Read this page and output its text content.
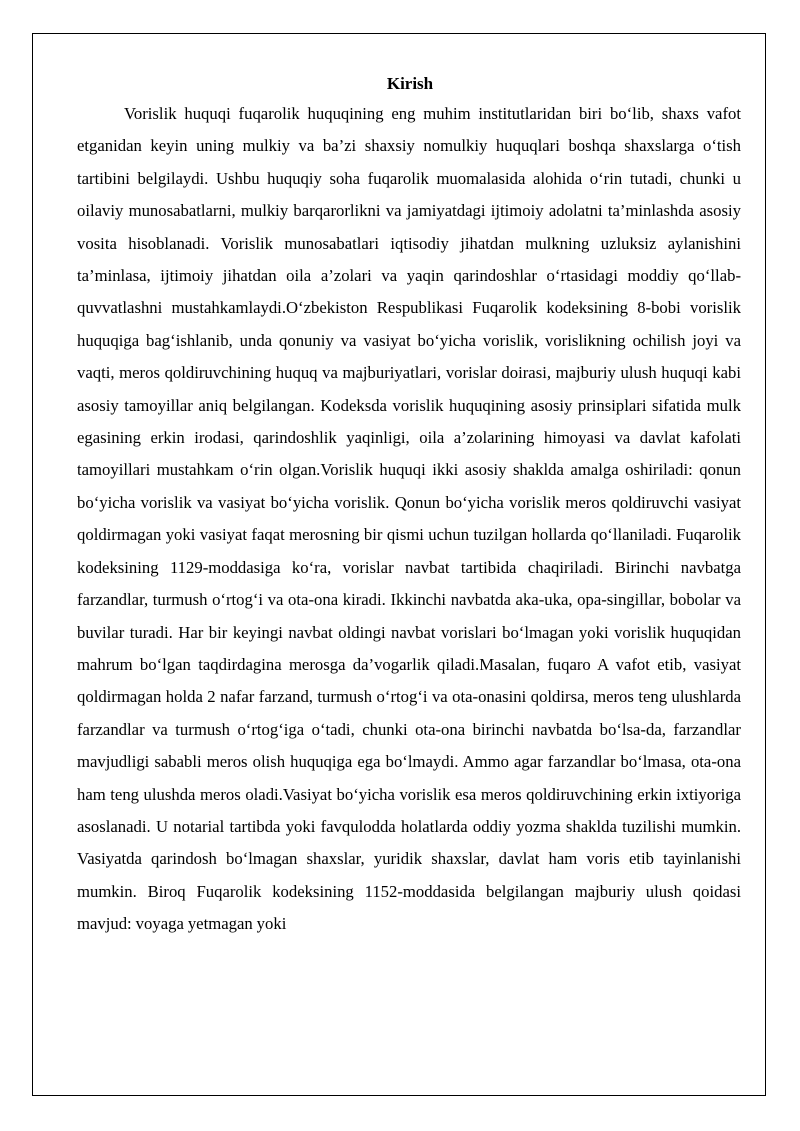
Kirish

Vorislik huquqi fuqarolik huquqining eng muhim institutlaridan biri bo‘lib, shaxs vafot etganidan keyin uning mulkiy va ba’zi shaxsiy nomulkiy huquqlari boshqa shaxslarga o‘tish tartibini belgilaydi. Ushbu huquqiy soha fuqarolik muomalasida alohida o‘rin tutadi, chunki u oilaviy munosabatlarni, mulkiy barqarorlikni va jamiyatdagi ijtimoiy adolatni ta’minlashda asosiy vosita hisoblanadi. Vorislik munosabatlari iqtisodiy jihatdan mulkning uzluksiz aylanishini ta’minlasa, ijtimoiy jihatdan oila a’zolari va yaqin qarindoshlar o‘rtasidagi moddiy qo‘llab-quvvatlashni mustahkamlaydi.O‘zbekiston Respublikasi Fuqarolik kodeksining 8-bobi vorislik huquqiga bag‘ishlanib, unda qonuniy va vasiyat bo‘yicha vorislik, vorislikning ochilish joyi va vaqti, meros qoldiruvchining huquq va majburiyatlari, vorislar doirasi, majburiy ulush huquqi kabi asosiy tamoyillar aniq belgilangan. Kodeksda vorislik huquqining asosiy prinsiplari sifatida mulk egasining erkin irodasi, qarindoshlik yaqinligi, oila a’zolarining himoyasi va davlat kafolati tamoyillari mustahkam o‘rin olgan.Vorislik huquqi ikki asosiy shaklda amalga oshiriladi: qonun bo‘yicha vorislik va vasiyat bo‘yicha vorislik. Qonun bo‘yicha vorislik meros qoldiruvchi vasiyat qoldirmagan yoki vasiyat faqat merosning bir qismi uchun tuzilgan hollarda qo‘llaniladi. Fuqarolik kodeksining 1129-moddasiga ko‘ra, vorislar navbat tartibida chaqiriladi. Birinchi navbatga farzandlar, turmush o‘rtog‘i va ota-ona kiradi. Ikkinchi navbatda aka-uka, opa-singillar, bobolar va buvilar turadi. Har bir keyingi navbat oldingi navbat vorislari bo‘lmagan yoki vorislik huquqidan mahrum bo‘lgan taqdirdagina merosga da’vogarlik qiladi.Masalan, fuqaro A vafot etib, vasiyat qoldirmagan holda 2 nafar farzand, turmush o‘rtog‘i va ota-onasini qoldirsa, meros teng ulushlarda farzandlar va turmush o‘rtog‘iga o‘tadi, chunki ota-ona birinchi navbatda bo‘lsa-da, farzandlar mavjudligi sababli meros olish huquqiga ega bo‘lmaydi. Ammo agar farzandlar bo‘lmasa, ota-ona ham teng ulushda meros oladi.Vasiyat bo‘yicha vorislik esa meros qoldiruvchining erkin ixtiyoriga asoslanadi. U notarial tartibda yoki favqulodda holatlarda oddiy yozma shaklda tuzilishi mumkin. Vasiyatda qarindosh bo‘lmagan shaxslar, yuridik shaxslar, davlat ham voris etib tayinlanishi mumkin. Biroq Fuqarolik kodeksining 1152-moddasida belgilangan majburiy ulush qoidasi mavjud: voyaga yetmagan yoki
